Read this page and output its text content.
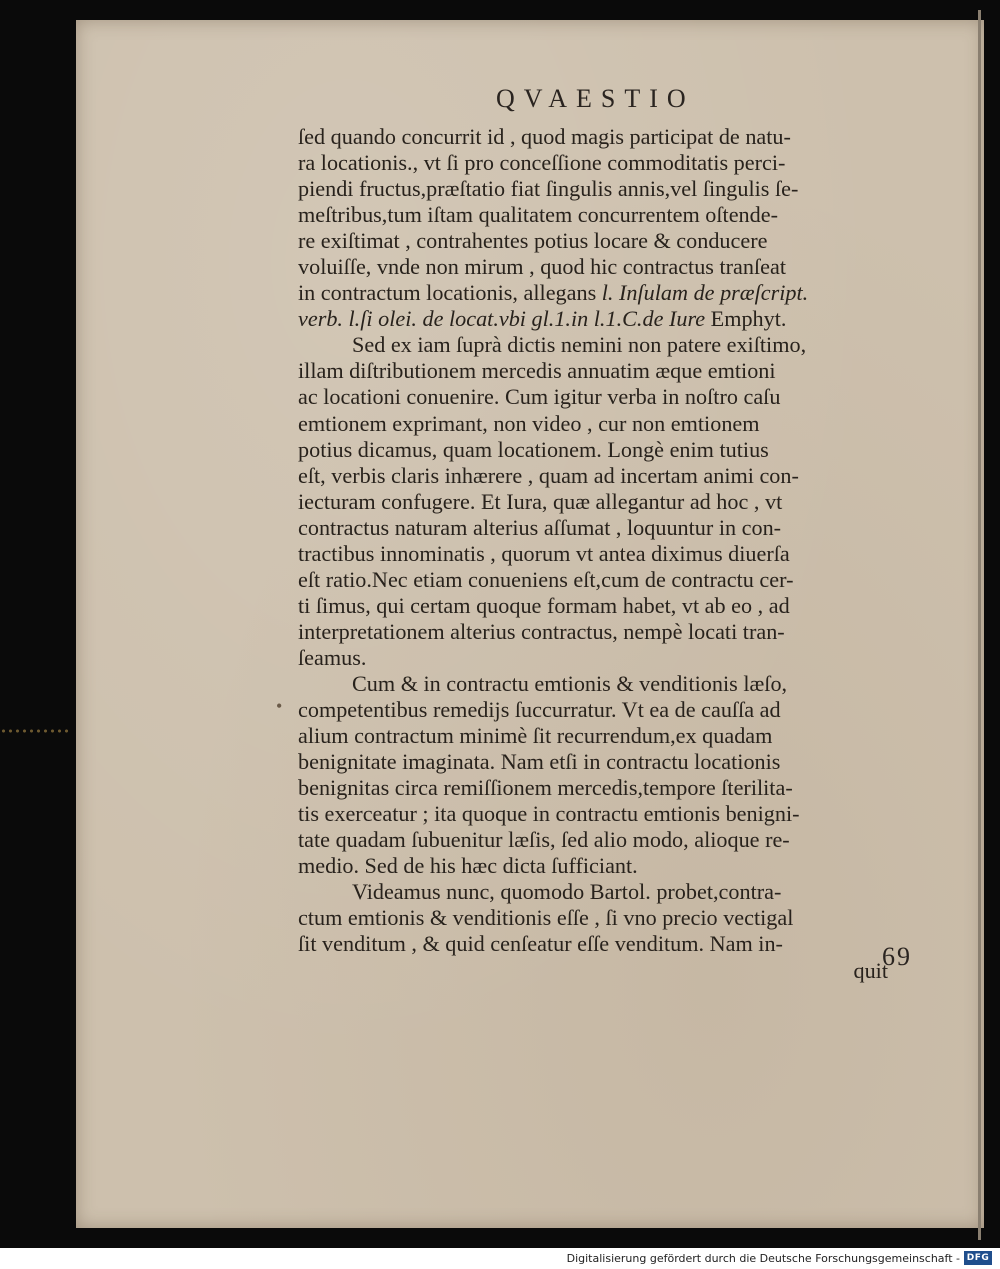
QVAESTIO
ſed quando concurrit id , quod magis participat de natu-
ra locationis., vt ſi pro conceſſione commoditatis perci-
piendi fructus,præſtatio fiat ſingulis annis,vel ſingulis ſe-
meſtribus,tum iſtam qualitatem concurrentem oſtende-
re exiſtimat , contrahentes potius locare & conducere
voluiſſe, vnde non mirum , quod hic contractus tranſeat
in contractum locationis, allegans l. Inſulam de præſcript.
verb. l.ſi olei. de locat.vbi gl.1.in l.1.C.de Iure Emphyt.
Sed ex iam ſuprà dictis nemini non patere exiſtimo,
illam diſtributionem mercedis annuatim æque emtioni
ac locationi conuenire. Cum igitur verba in noſtro caſu
emtionem exprimant, non video , cur non emtionem
potius dicamus, quam locationem. Longè enim tutius
eſt, verbis claris inhærere , quam ad incertam animi con-
iecturam confugere. Et Iura, quæ allegantur ad hoc , vt
contractus naturam alterius aſſumat , loquuntur in con-
tractibus innominatis , quorum vt antea diximus diuerſa
eſt ratio.Nec etiam conueniens eſt,cum de contractu cer-
ti ſimus, qui certam quoque formam habet, vt ab eo , ad
interpretationem alterius contractus, nempè locati tran-
ſeamus.
Cum & in contractu emtionis & venditionis læſo,
competentibus remedijs ſuccurratur. Vt ea de cauſſa ad
alium contractum minimè ſit recurrendum,ex quadam
benignitate imaginata. Nam etſi in contractu locationis
benignitas circa remiſſionem mercedis,tempore ſterilita-
tis exerceatur ; ita quoque in contractu emtionis benigni-
tate quadam ſubuenitur læſis, ſed alio modo, alioque re-
medio. Sed de his hæc dicta ſufficiant.
Videamus nunc, quomodo Bartol. probet,contra-
ctum emtionis & venditionis eſſe , ſi vno precio vectigal
ſit venditum , & quid cenſeatur eſſe venditum. Nam in-
quit
•
69
Digitalisierung gefördert durch die Deutsche Forschungsgemeinschaft - DFG
